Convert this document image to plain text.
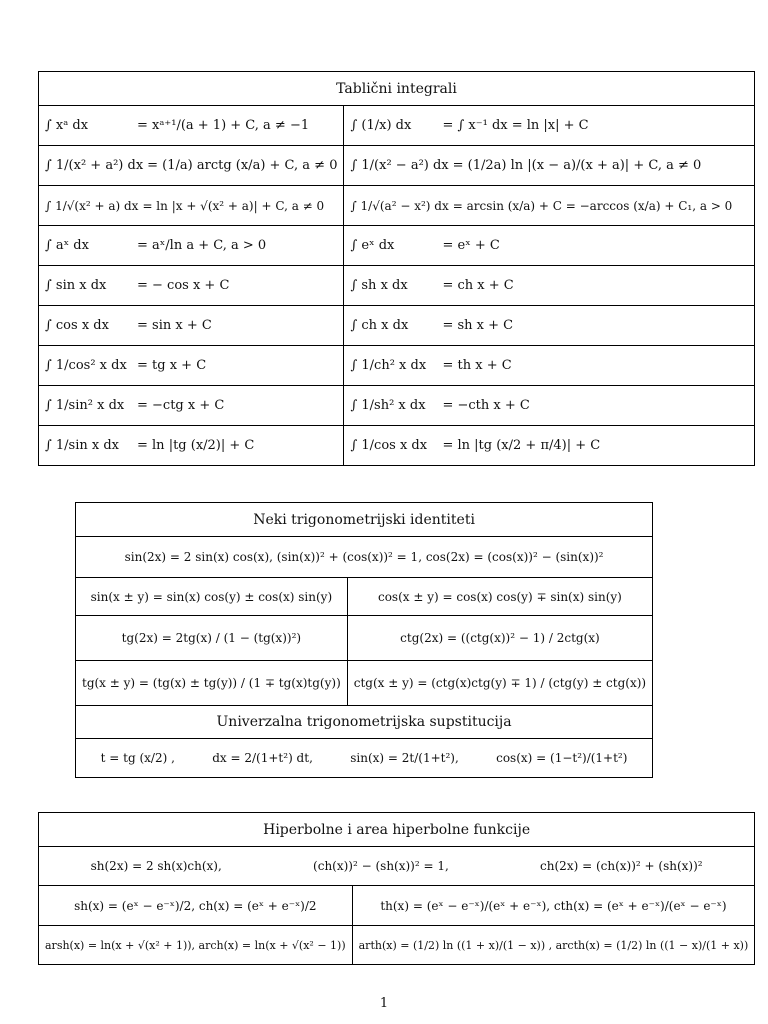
Tablični integrali	

∫ xᵃ dx = xᵃ⁺¹/(a + 1) + C, a ≠ −1	∫ (1/x) dx = ∫ x⁻¹ dx = ln |x| + C

∫ 1/(x² + a²) dx = (1/a) arctg (x/a) + C, a ≠ 0	∫ 1/(x² − a²) dx = (1/2a) ln |(x − a)/(x + a)| + C, a ≠ 0

∫ 1/√(x² + a) dx = ln |x + √(x² + a)| + C, a ≠ 0	∫ 1/√(a² − x²) dx = arcsin (x/a) + C = −arccos (x/a) + C₁, a > 0

∫ aˣ dx = aˣ/ln a + C, a > 0	∫ eˣ dx = eˣ + C

∫ sin x dx = − cos x + C	∫ sh x dx = ch x + C

∫ cos x dx = sin x + C	∫ ch x dx = sh x + C

∫ 1/cos² x dx = tg x + C	∫ 1/ch² x dx = th x + C

∫ 1/sin² x dx = −ctg x + C	∫ 1/sh² x dx = −cth x + C

∫ 1/sin x dx = ln |tg (x/2)| + C	∫ 1/cos x dx = ln |tg (x/2 + π/4)| + C
Neki trigonometrijski identiteti	
sin(2x) = 2 sin(x) cos(x), (sin(x))² + (cos(x))² = 1, cos(2x) = (cos(x))² − (sin(x))²	
sin(x ± y) = sin(x) cos(y) ± cos(x) sin(y)	cos(x ± y) = cos(x) cos(y) ∓ sin(x) sin(y)
tg(2x) = 2tg(x) / (1 − (tg(x))²)	ctg(2x) = ((ctg(x))² − 1) / 2ctg(x)
tg(x ± y) = (tg(x) ± tg(y)) / (1 ∓ tg(x)tg(y))	ctg(x ± y) = (ctg(x)ctg(y) ∓ 1) / (ctg(y) ± ctg(x))
Univerzalna trigonometrijska supstitucija	

t = tg (x/2) , dx = 2/(1+t²) dt, sin(x) = 2t/(1+t²), cos(x) = (1−t²)/(1+t²)	
Hiperbolne i area hiperbolne funkcije	

sh(2x) = 2 sh(x)ch(x), (ch(x))² − (sh(x))² = 1, ch(2x) = (ch(x))² + (sh(x))²	

sh(x) = (eˣ − e⁻ˣ)/2, ch(x) = (eˣ + e⁻ˣ)/2	th(x) = (eˣ − e⁻ˣ)/(eˣ + e⁻ˣ), cth(x) = (eˣ + e⁻ˣ)/(eˣ − e⁻ˣ)
arsh(x) = ln(x + √(x² + 1)), arch(x) = ln(x + √(x² − 1))	arth(x) = (1/2) ln ((1 + x)/(1 − x)) , arcth(x) = (1/2) ln ((1 − x)/(1 + x))
1
